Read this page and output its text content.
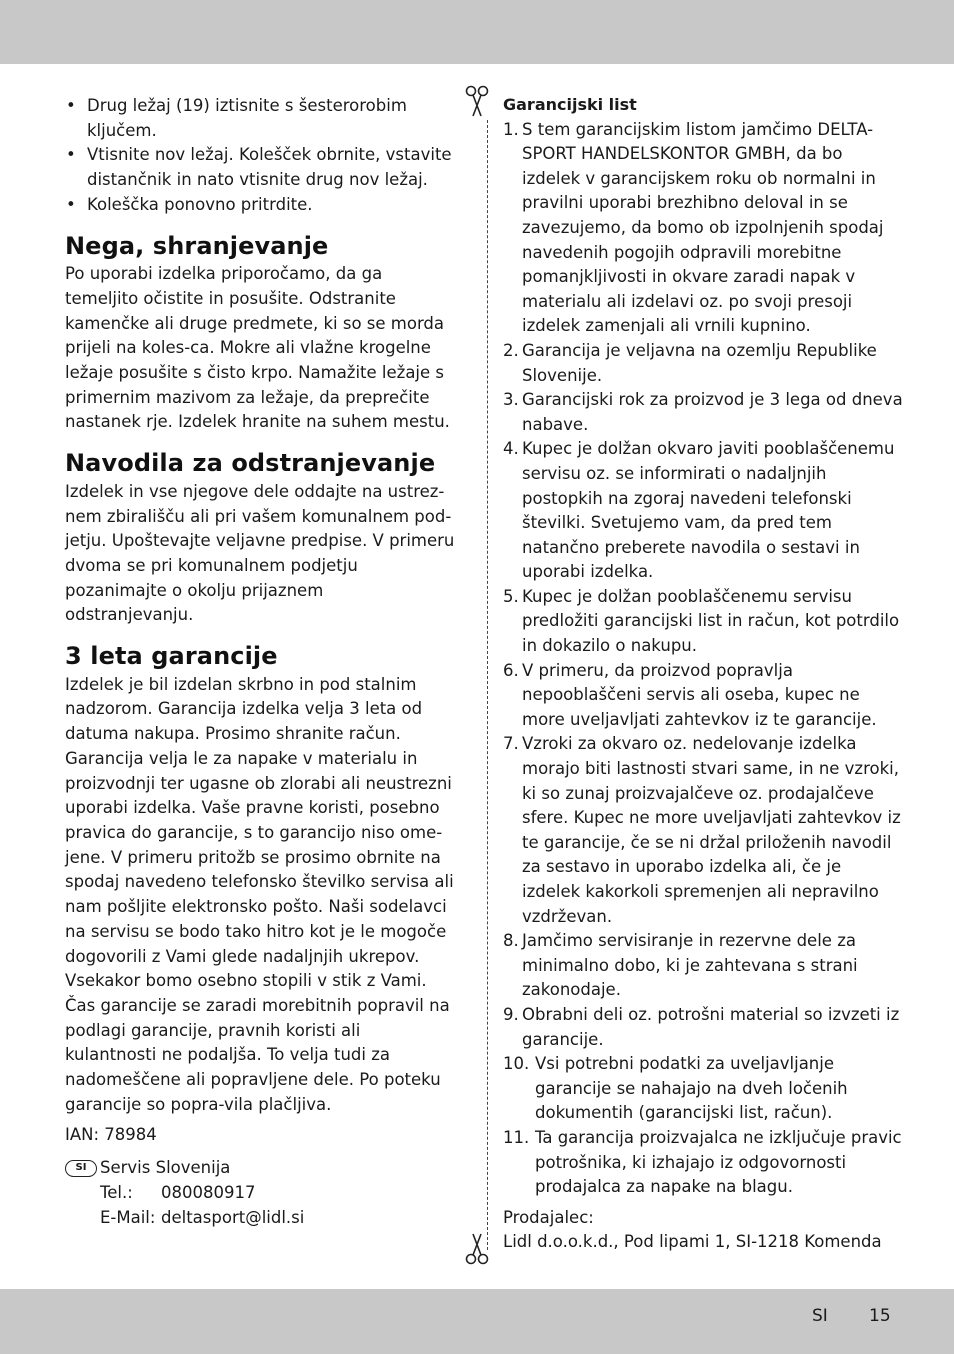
• Drug ležaj (19) iztisnite s šesterorobim ključem.
• Vtisnite nov ležaj. Kolešček obrnite, vstavite distančnik in nato vtisnite drug nov ležaj.
• Koleščka ponovno pritrdite.
Nega, shranjevanje

Po uporabi izdelka priporočamo, da ga temeljito očistite in posušite. Odstranite kamenčke ali druge predmete, ki so se morda prijeli na koles-ca. Mokre ali vlažne krogelne ležaje posušite s čisto krpo. Namažite ležaje s primernim mazivom za ležaje, da preprečite nastanek rje. Izdelek hranite na suhem mestu.

Navodila za odstranjevanje

Izdelek in vse njegove dele oddajte na ustrez-nem zbirališču ali pri vašem komunalnem pod-jetju. Upoštevajte veljavne predpise. V primeru dvoma se pri komunalnem podjetju pozanimajte o okolju prijaznem odstranjevanju.

3 leta garancije

Izdelek je bil izdelan skrbno in pod stalnim nadzorom. Garancija izdelka velja 3 leta od datuma nakupa. Prosimo shranite račun. Garancija velja le za napake v materialu in proizvodnji ter ugasne ob zlorabi ali neustrezni uporabi izdelka. Vaše pravne koristi, posebno pravica do garancije, s to garancijo niso ome-jene. V primeru pritožb se prosimo obrnite na spodaj navedeno telefonsko številko servisa ali nam pošljite elektronsko pošto. Naši sodelavci na servisu se bodo tako hitro kot je le mogoče dogovorili z Vami glede nadaljnjih ukrepov. Vsekakor bomo osebno stopili v stik z Vami. Čas garancije se zaradi morebitnih popravil na podlagi garancije, pravnih koristi ali kulantnosti ne podaljša. To velja tudi za nadomeščene ali popravljene dele. Po poteku garancije so popra-vila plačljiva.

IAN: 78984

SI Servis Slovenija
Tel.:	080080917
E-Mail: deltasport@lidl.si
Garancijski list
1. S tem garancijskim listom jamčimo DELTA-SPORT HANDELSKONTOR GMBH, da bo izdelek v garancijskem roku ob normalni in pravilni uporabi brezhibno deloval in se zavezujemo, da bomo ob izpolnjenih spodaj navedenih pogojih odpravili morebitne pomanjkljivosti in okvare zaradi napak v materialu ali izdelavi oz. po svoji presoji izdelek zamenjali ali vrnili kupnino.
2. Garancija je veljavna na ozemlju Republike Slovenije.
3. Garancijski rok za proizvod je 3 lega od dneva nabave.
4. Kupec je dolžan okvaro javiti pooblaščenemu servisu oz. se informirati o nadaljnjih postopkih na zgoraj navedeni telefonski številki. Svetujemo vam, da pred tem natančno preberete navodila o sestavi in uporabi izdelka.
5. Kupec je dolžan pooblaščenemu servisu predložiti garancijski list in račun, kot potrdilo in dokazilo o nakupu.
6. V primeru, da proizvod popravlja nepooblaščeni servis ali oseba, kupec ne more uveljavljati zahtevkov iz te garancije.
7. Vzroki za okvaro oz. nedelovanje izdelka morajo biti lastnosti stvari same, in ne vzroki, ki so zunaj proizvajalčeve oz. prodajalčeve sfere. Kupec ne more uveljavljati zahtevkov iz te garancije, če se ni držal priloženih navodil za sestavo in uporabo izdelka ali, če je izdelek kakorkoli spremenjen ali nepravilno vzdrževan.
8. Jamčimo servisiranje in rezervne dele za minimalno dobo, ki je zahtevana s strani zakonodaje.
9. Obrabni deli oz. potrošni material so izvzeti iz garancije.
10. Vsi potrebni podatki za uveljavljanje garancije se nahajajo na dveh ločenih dokumentih (garancijski list, račun).
11. Ta garancija proizvajalca ne izključuje pravic potrošnika, ki izhajajo iz odgovornosti prodajalca za napake na blagu.
Prodajalec:
Lidl d.o.o.k.d., Pod lipami 1, SI-1218 Komenda
SI 15
